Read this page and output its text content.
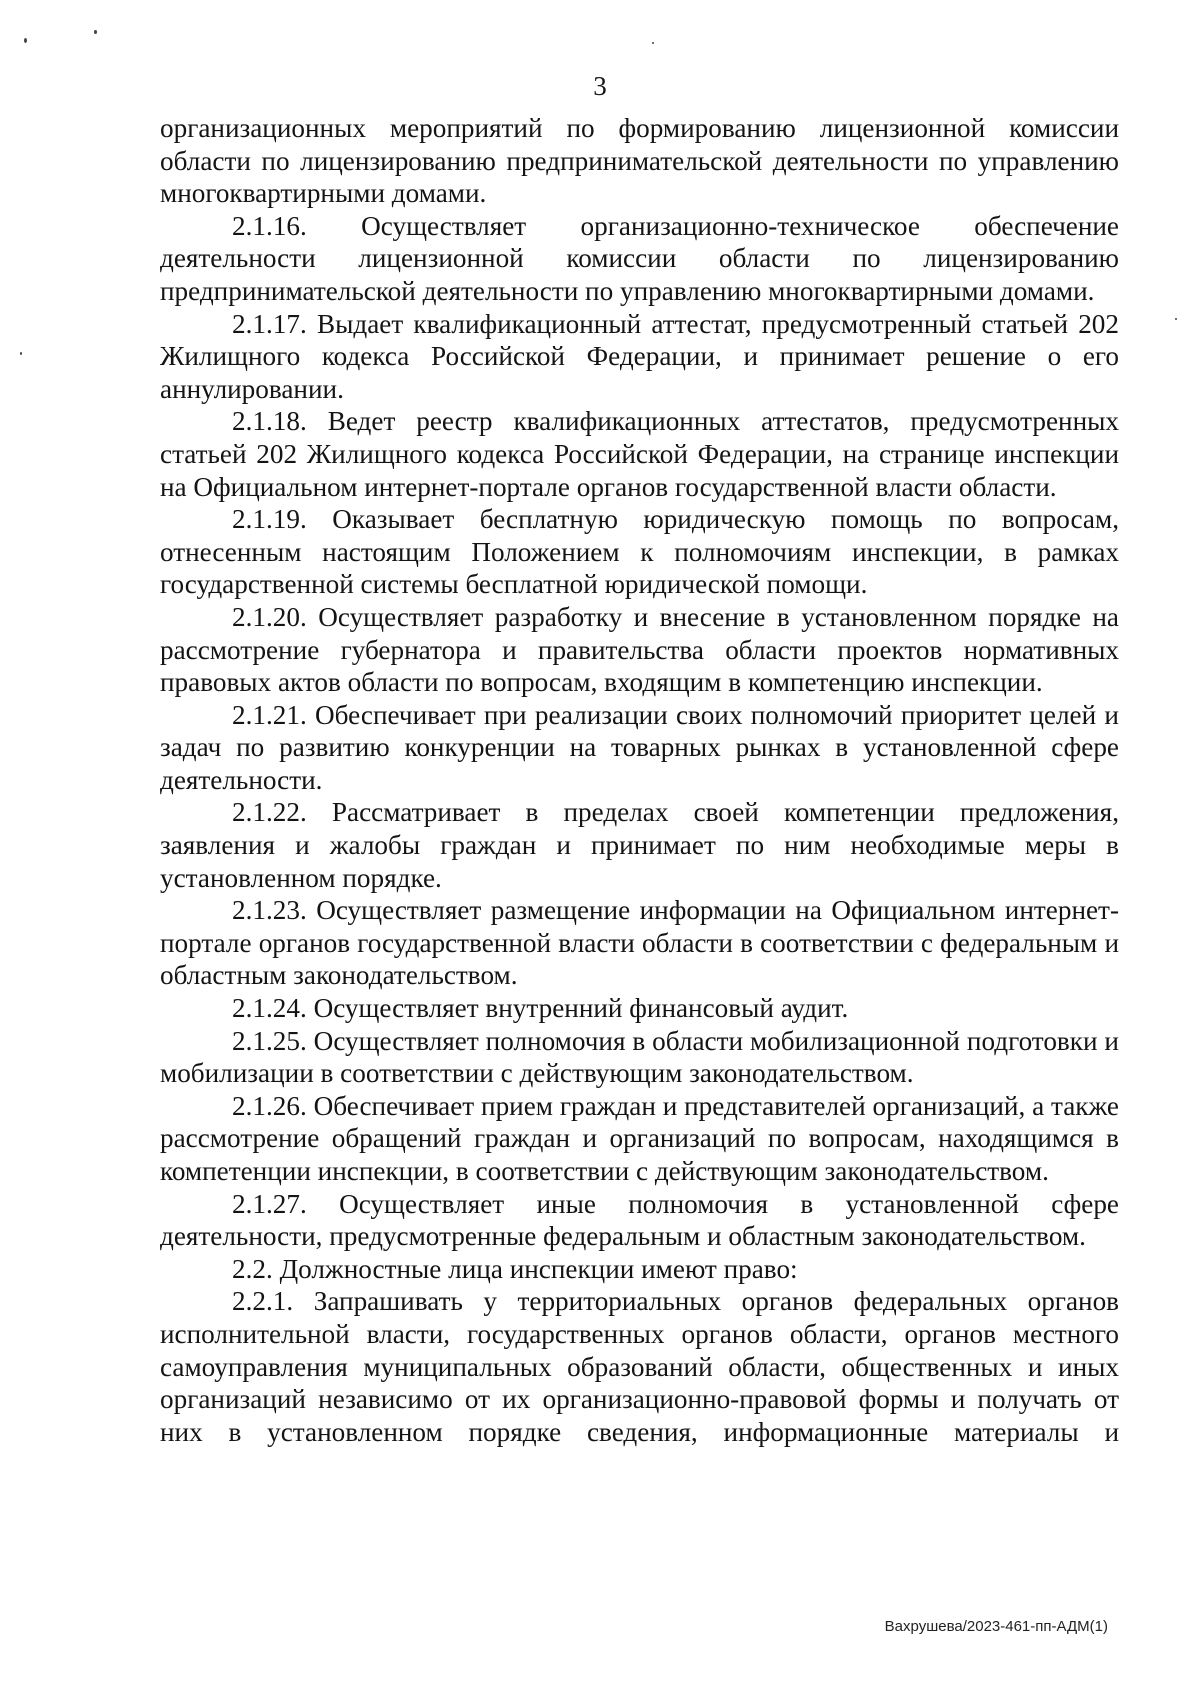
3

организационных мероприятий по формированию лицензионной комиссии области по лицензированию предпринимательской деятельности по управлению многоквартирными домами.

2.1.16. Осуществляет организационно-техническое обеспечение деятельности лицензионной комиссии области по лицензированию предпринимательской деятельности по управлению многоквартирными домами.

2.1.17. Выдает квалификационный аттестат, предусмотренный статьей 202 Жилищного кодекса Российской Федерации, и принимает решение о его аннулировании.

2.1.18. Ведет реестр квалификационных аттестатов, предусмотренных статьей 202 Жилищного кодекса Российской Федерации, на странице инспекции на Официальном интернет-портале органов государственной власти области.

2.1.19. Оказывает бесплатную юридическую помощь по вопросам, отнесенным настоящим Положением к полномочиям инспекции, в рамках государственной системы бесплатной юридической помощи.

2.1.20. Осуществляет разработку и внесение в установленном порядке на рассмотрение губернатора и правительства области проектов нормативных правовых актов области по вопросам, входящим в компетенцию инспекции.

2.1.21. Обеспечивает при реализации своих полномочий приоритет целей и задач по развитию конкуренции на товарных рынках в установленной сфере деятельности.

2.1.22. Рассматривает в пределах своей компетенции предложения, заявления и жалобы граждан и принимает по ним необходимые меры в установленном порядке.

2.1.23. Осуществляет размещение информации на Официальном интернет-портале органов государственной власти области в соответствии с федеральным и областным законодательством.

2.1.24. Осуществляет внутренний финансовый аудит.

2.1.25. Осуществляет полномочия в области мобилизационной подготовки и мобилизации в соответствии с действующим законодательством.

2.1.26. Обеспечивает прием граждан и представителей организаций, а также рассмотрение обращений граждан и организаций по вопросам, находящимся в компетенции инспекции, в соответствии с действующим законодательством.

2.1.27. Осуществляет иные полномочия в установленной сфере деятельности, предусмотренные федеральным и областным законодательством.

2.2. Должностные лица инспекции имеют право:

2.2.1. Запрашивать у территориальных органов федеральных органов исполнительной власти, государственных органов области, органов местного самоуправления муниципальных образований области, общественных и иных организаций независимо от их организационно-правовой формы и получать от них в установленном порядке сведения, информационные материалы и

Вахрушева/2023-461-пп-АДМ(1)
